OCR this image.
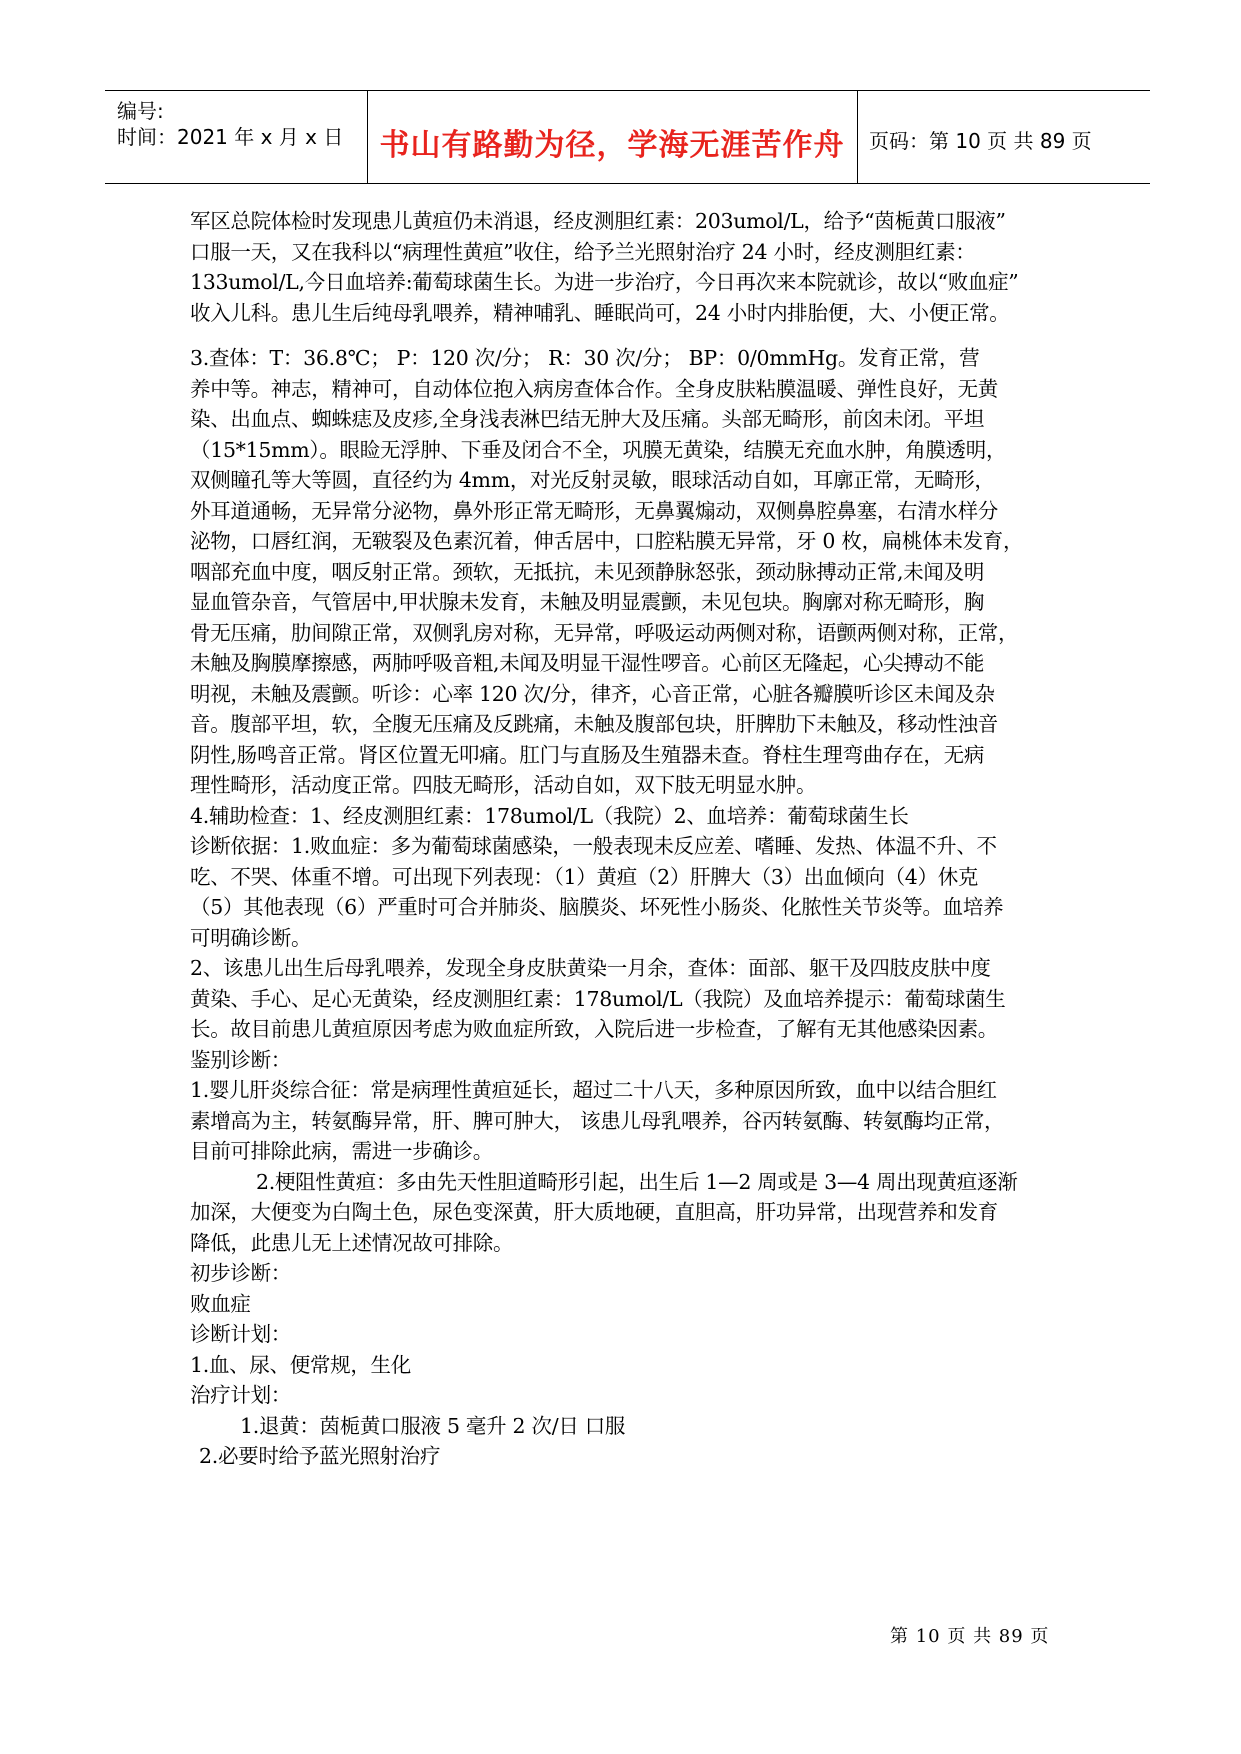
编号:
时间：2021 年 x 月 x 日	书山有路勤为径，学海无涯苦作舟	页码：第 10 页 共 89 页

军区总院体检时发现患儿黄疸仍未消退，经皮测胆红素：203umol/L，给予“茵栀黄口服液”

口服一天，又在我科以“病理性黄疸”收住，给予兰光照射治疗 24 小时，经皮测胆红素：

133umol/L,今日血培养:葡萄球菌生长。为进一步治疗，今日再次来本院就诊，故以“败血症”

收入儿科。患儿生后纯母乳喂养，精神哺乳、睡眠尚可，24 小时内排胎便，大、小便正常。

3.查体：T：36.8℃； P：120 次/分； R：30 次/分； BP：0/0mmHg。发育正常，营

养中等。神志，精神可，自动体位抱入病房查体合作。全身皮肤粘膜温暖、弹性良好，无黄

染、出血点、蜘蛛痣及皮疹,全身浅表淋巴结无肿大及压痛。头部无畸形，前囟未闭。平坦

（15*15mm）。眼睑无浮肿、下垂及闭合不全，巩膜无黄染，结膜无充血水肿，角膜透明，

双侧瞳孔等大等圆，直径约为 4mm，对光反射灵敏，眼球活动自如，耳廓正常，无畸形，

外耳道通畅，无异常分泌物，鼻外形正常无畸形，无鼻翼煽动，双侧鼻腔鼻塞，右清水样分

泌物，口唇红润，无皲裂及色素沉着，伸舌居中，口腔粘膜无异常，牙 0 枚，扁桃体未发育，

咽部充血中度，咽反射正常。颈软，无抵抗，未见颈静脉怒张，颈动脉搏动正常,未闻及明

显血管杂音，气管居中,甲状腺未发育，未触及明显震颤，未见包块。胸廓对称无畸形，胸

骨无压痛，肋间隙正常，双侧乳房对称，无异常，呼吸运动两侧对称，语颤两侧对称，正常，

未触及胸膜摩擦感，两肺呼吸音粗,未闻及明显干湿性啰音。心前区无隆起，心尖搏动不能

明视，未触及震颤。听诊：心率 120 次/分，律齐，心音正常，心脏各瓣膜听诊区未闻及杂

音。腹部平坦，软，全腹无压痛及反跳痛，未触及腹部包块，肝脾肋下未触及，移动性浊音

阴性,肠鸣音正常。肾区位置无叩痛。肛门与直肠及生殖器未查。脊柱生理弯曲存在，无病

理性畸形，活动度正常。四肢无畸形，活动自如，双下肢无明显水肿。

4.辅助检查：1、经皮测胆红素：178umol/L（我院）2、血培养：葡萄球菌生长

诊断依据：1.败血症：多为葡萄球菌感染，一般表现未反应差、嗜睡、发热、体温不升、不

吃、不哭、体重不增。可出现下列表现：（1）黄疸（2）肝脾大（3）出血倾向（4）休克

（5）其他表现（6）严重时可合并肺炎、脑膜炎、坏死性小肠炎、化脓性关节炎等。血培养

可明确诊断。

2、该患儿出生后母乳喂养，发现全身皮肤黄染一月余，查体：面部、躯干及四肢皮肤中度

黄染、手心、足心无黄染，经皮测胆红素：178umol/L（我院）及血培养提示：葡萄球菌生

长。故目前患儿黄疸原因考虑为败血症所致，入院后进一步检查，了解有无其他感染因素。

鉴别诊断：

1.婴儿肝炎综合征：常是病理性黄疸延长，超过二十八天，多种原因所致，血中以结合胆红

素增高为主，转氨酶异常，肝、脾可肿大， 该患儿母乳喂养，谷丙转氨酶、转氨酶均正常，

目前可排除此病，需进一步确诊。

2.梗阻性黄疸：多由先天性胆道畸形引起，出生后 1—2 周或是 3—4 周出现黄疸逐渐

加深，大便变为白陶土色，尿色变深黄，肝大质地硬，直胆高，肝功异常，出现营养和发育

降低，此患儿无上述情况故可排除。

初步诊断：

败血症

诊断计划：

1.血、尿、便常规，生化

治疗计划：

1.退黄：茵栀黄口服液 5 毫升 2 次/日 口服

2.必要时给予蓝光照射治疗

第 10 页 共 89 页
